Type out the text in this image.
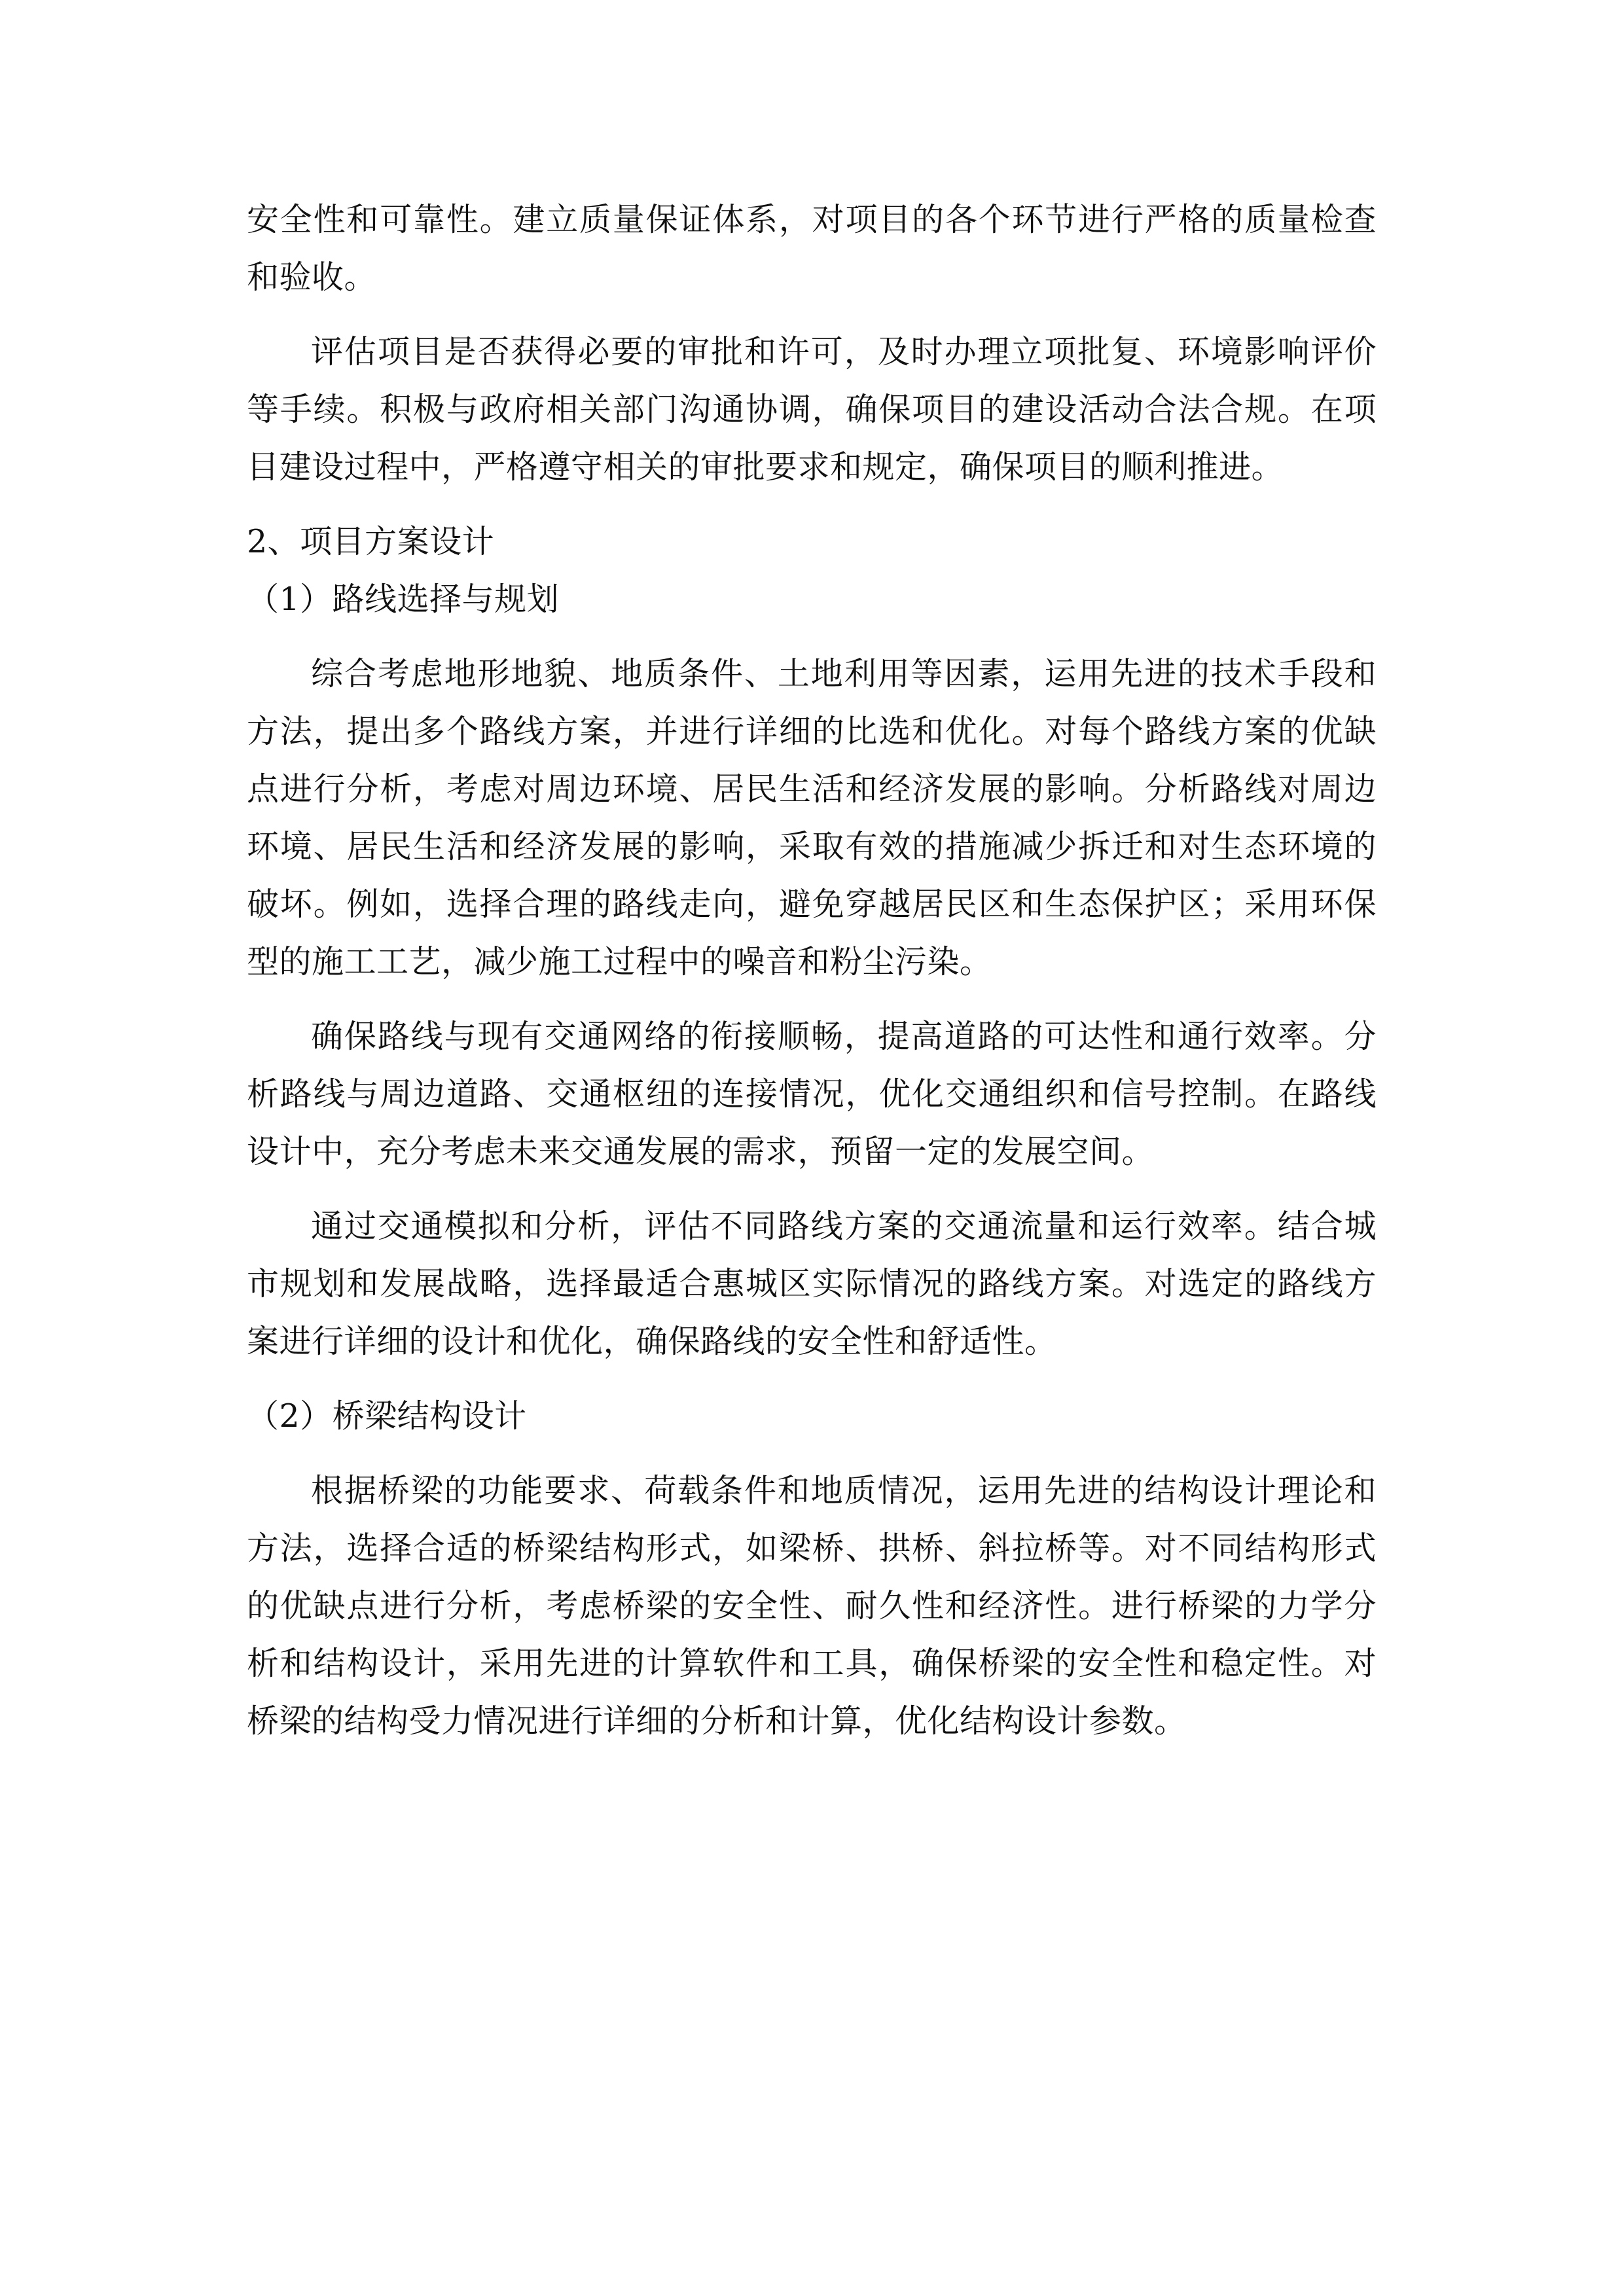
安全性和可靠性。建立质量保证体系，对项目的各个环节进行严格的质量检查和验收。

评估项目是否获得必要的审批和许可，及时办理立项批复、环境影响评价等手续。积极与政府相关部门沟通协调，确保项目的建设活动合法合规。在项目建设过程中，严格遵守相关的审批要求和规定，确保项目的顺利推进。

2、项目方案设计

（1）路线选择与规划

综合考虑地形地貌、地质条件、土地利用等因素，运用先进的技术手段和方法，提出多个路线方案，并进行详细的比选和优化。对每个路线方案的优缺点进行分析，考虑对周边环境、居民生活和经济发展的影响。分析路线对周边环境、居民生活和经济发展的影响，采取有效的措施减少拆迁和对生态环境的破坏。例如，选择合理的路线走向，避免穿越居民区和生态保护区；采用环保型的施工工艺，减少施工过程中的噪音和粉尘污染。

确保路线与现有交通网络的衔接顺畅，提高道路的可达性和通行效率。分析路线与周边道路、交通枢纽的连接情况，优化交通组织和信号控制。在路线设计中，充分考虑未来交通发展的需求，预留一定的发展空间。

通过交通模拟和分析，评估不同路线方案的交通流量和运行效率。结合城市规划和发展战略，选择最适合惠城区实际情况的路线方案。对选定的路线方案进行详细的设计和优化，确保路线的安全性和舒适性。

（2）桥梁结构设计

根据桥梁的功能要求、荷载条件和地质情况，运用先进的结构设计理论和方法，选择合适的桥梁结构形式，如梁桥、拱桥、斜拉桥等。对不同结构形式的优缺点进行分析，考虑桥梁的安全性、耐久性和经济性。进行桥梁的力学分析和结构设计，采用先进的计算软件和工具，确保桥梁的安全性和稳定性。对桥梁的结构受力情况进行详细的分析和计算，优化结构设计参数。
